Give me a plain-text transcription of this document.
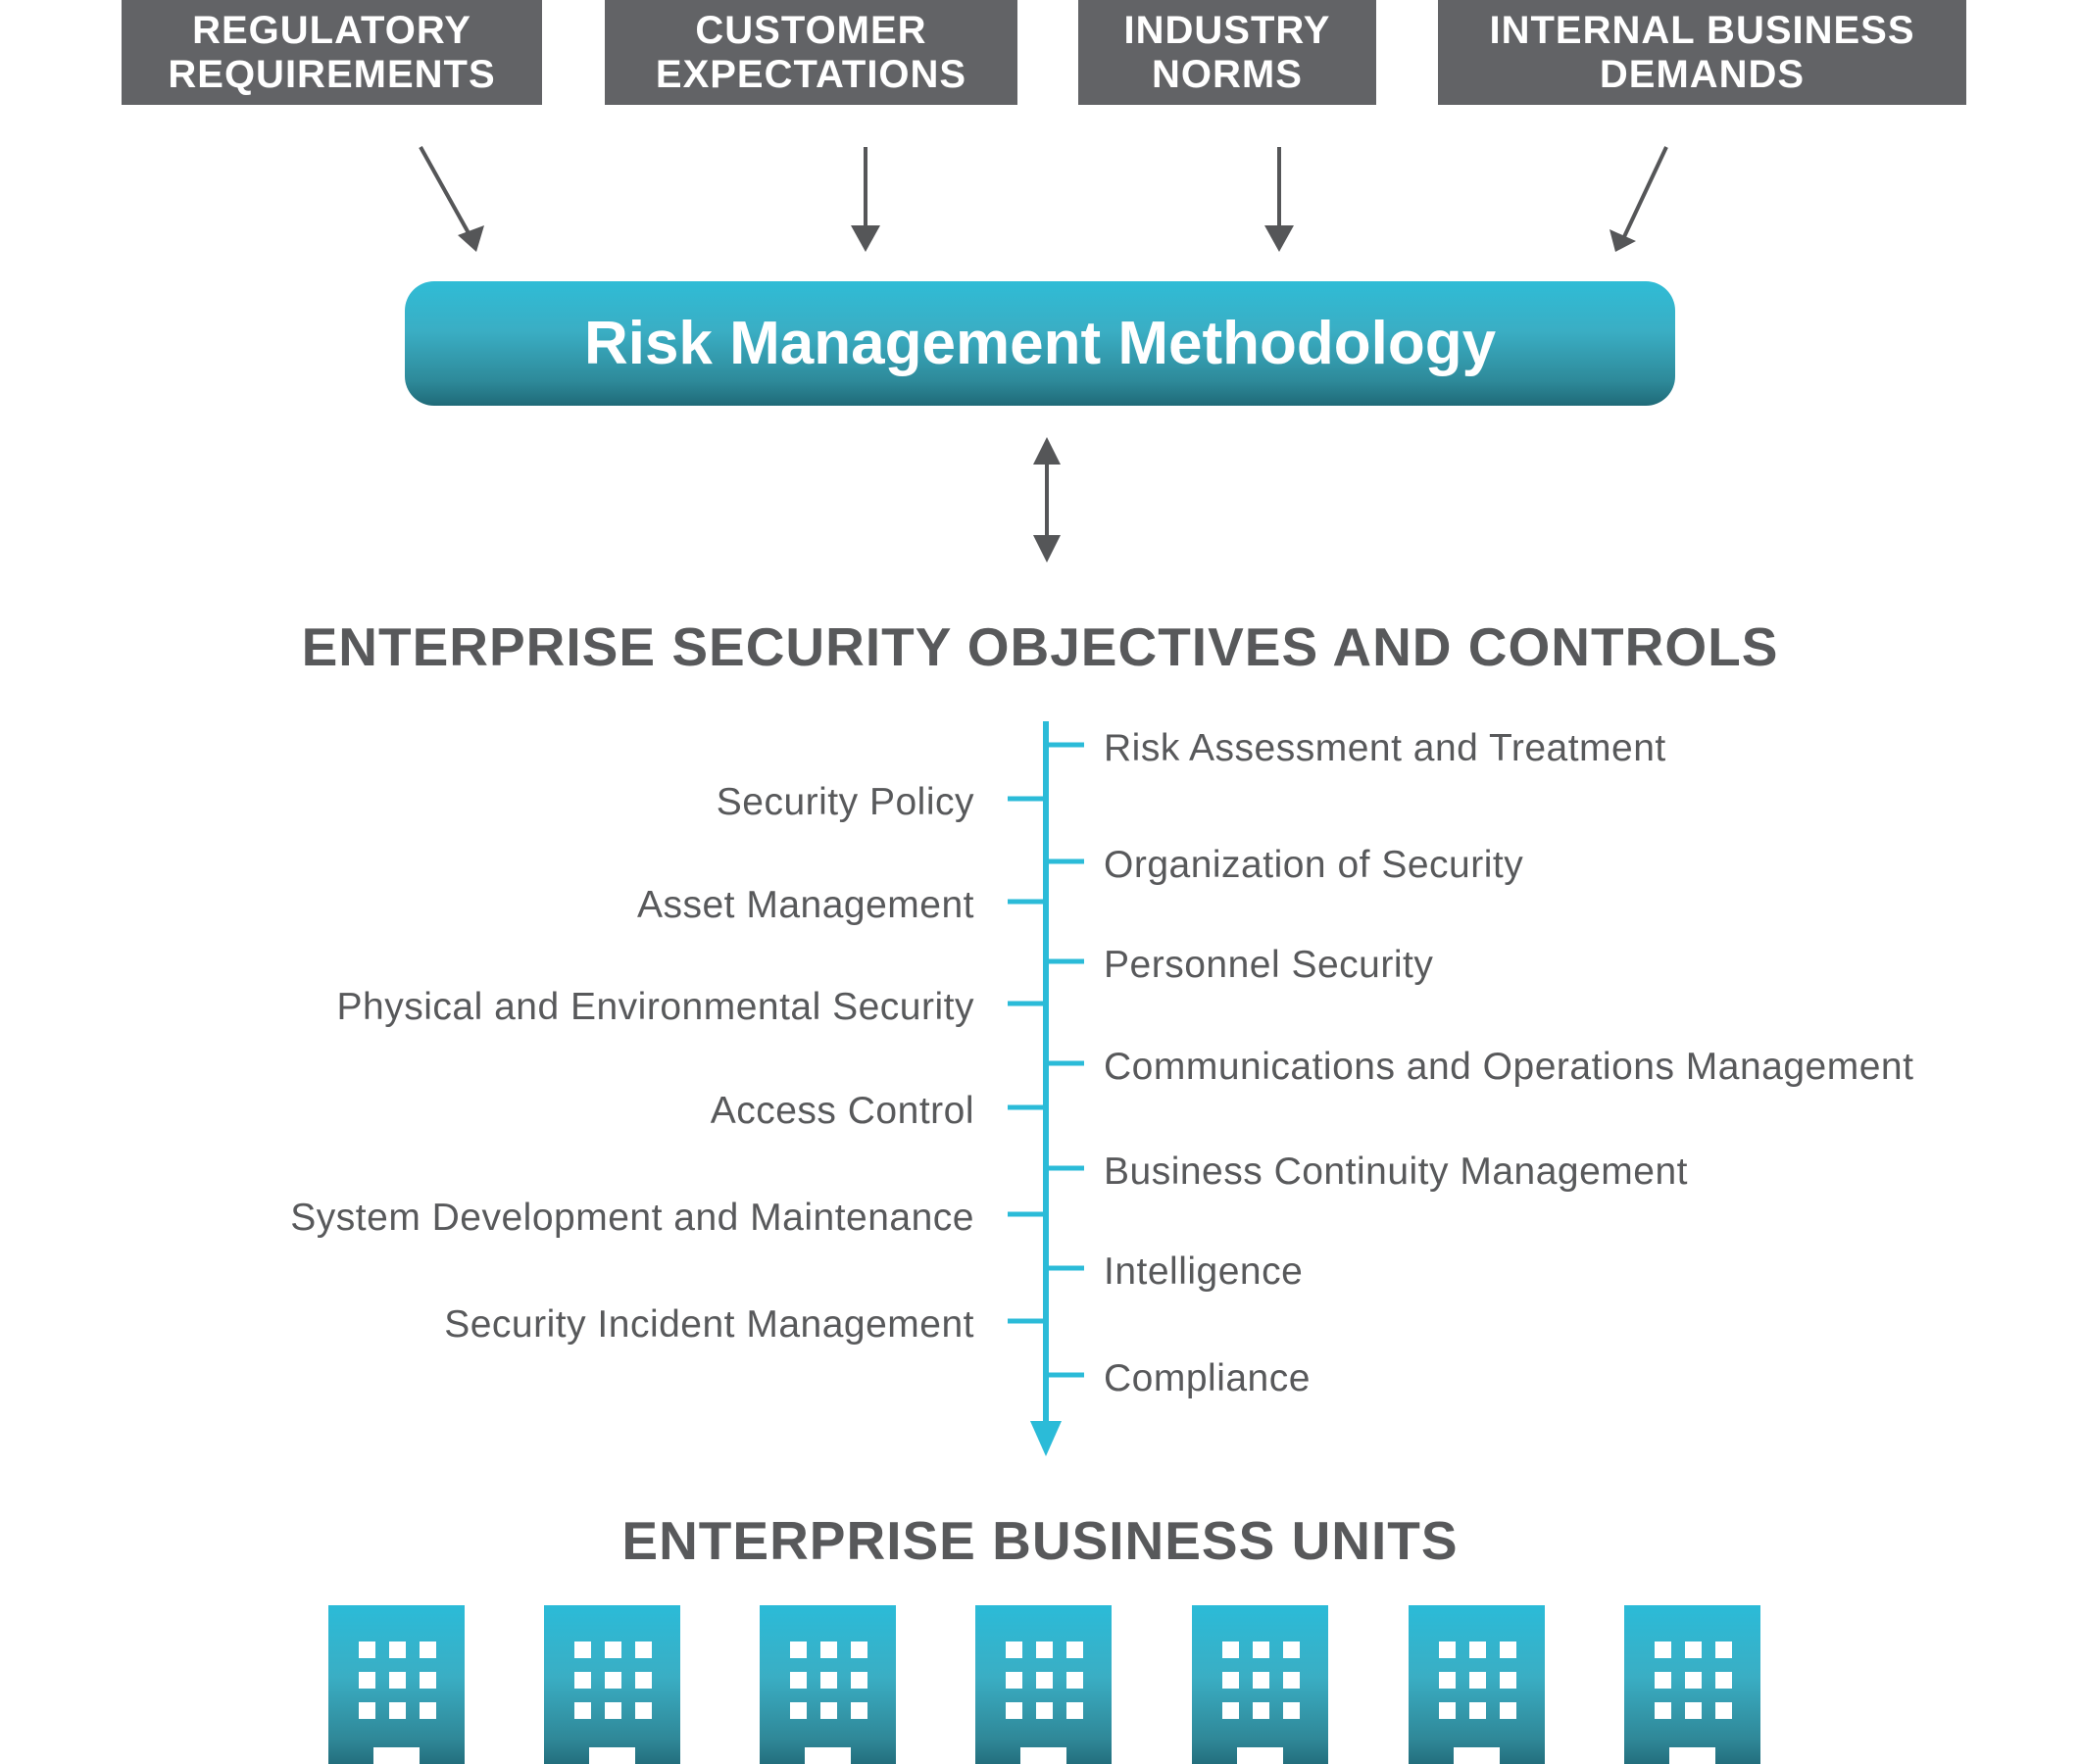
REGULATORY
REQUIREMENTS
CUSTOMER
EXPECTATIONS
INDUSTRY
NORMS
INTERNAL BUSINESS
DEMANDS
Risk Management Methodology
ENTERPRISE SECURITY OBJECTIVES AND CONTROLS
Security Policy
Asset Management
Physical and Environmental Security
Access Control
System Development and Maintenance
Security Incident Management
Risk Assessment and Treatment
Organization of Security
Personnel Security
Communications and Operations Management
Business Continuity Management
Intelligence
Compliance
ENTERPRISE BUSINESS UNITS
